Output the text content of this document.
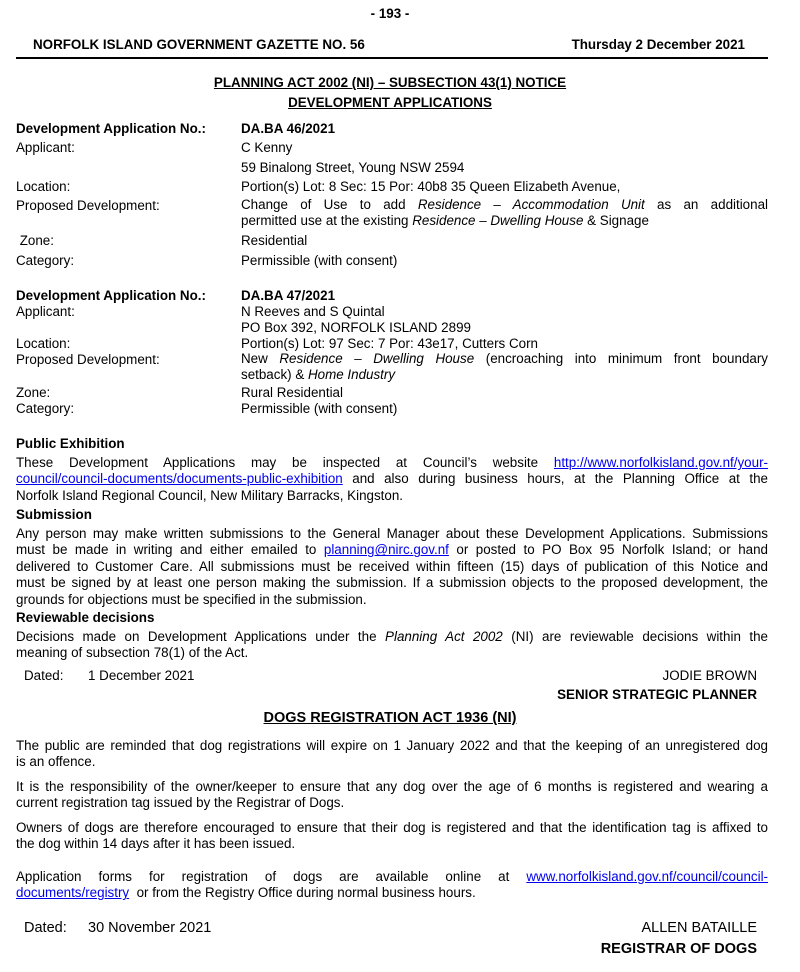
- 193 -
NORFOLK ISLAND GOVERNMENT GAZETTE NO. 56	Thursday 2 December 2021
PLANNING ACT 2002 (NI) – SUBSECTION 43(1) NOTICE
DEVELOPMENT APPLICATIONS
Development Application No.:	DA.BA 46/2021
Applicant:	C Kenny
59 Binalong Street, Young NSW 2594
Location:	Portion(s) Lot: 8 Sec: 15 Por: 40b8 35 Queen Elizabeth Avenue,
Proposed Development:	Change of Use to add Residence – Accommodation Unit as an additional
permitted use at the existing Residence – Dwelling House & Signage
Zone:	Residential
Category:	Permissible (with consent)
Development Application No.:	DA.BA 47/2021
Applicant:	N Reeves and S Quintal
PO Box 392, NORFOLK ISLAND 2899
Location:	Portion(s) Lot: 97 Sec: 7 Por: 43e17, Cutters Corn
Proposed Development:	New Residence – Dwelling House (encroaching into minimum front boundary
setback) & Home Industry
Zone:	Rural Residential
Category:	Permissible (with consent)
Public Exhibition
These Development Applications may be inspected at Council’s website http://www.norfolkisland.gov.nf/your-
council/council-documents/documents-public-exhibition and also during business hours, at the Planning Office at the
Norfolk Island Regional Council, New Military Barracks, Kingston.
Submission
Any person may make written submissions to the General Manager about these Development Applications. Submissions
must be made in writing and either emailed to planning@nirc.gov.nf or posted to PO Box 95 Norfolk Island; or hand
delivered to Customer Care. All submissions must be received within fifteen (15) days of publication of this Notice and
must be signed by at least one person making the submission. If a submission objects to the proposed development, the
grounds for objections must be specified in the submission.
Reviewable decisions
Decisions made on Development Applications under the Planning Act 2002 (NI) are reviewable decisions within the
meaning of subsection 78(1) of the Act.
Dated: 1 December 2021	JODIE BROWN
SENIOR STRATEGIC PLANNER
DOGS REGISTRATION ACT 1936 (NI)
The public are reminded that dog registrations will expire on 1 January 2022 and that the keeping of an unregistered dog
is an offence.
It is the responsibility of the owner/keeper to ensure that any dog over the age of 6 months is registered and wearing a
current registration tag issued by the Registrar of Dogs.
Owners of dogs are therefore encouraged to ensure that their dog is registered and that the identification tag is affixed to
the dog within 14 days after it has been issued.
Application forms for registration of dogs are available online at www.norfolkisland.gov.nf/council/council-
documents/registry  or from the Registry Office during normal business hours.
Dated: 30 November 2021	ALLEN BATAILLE
REGISTRAR OF DOGS
